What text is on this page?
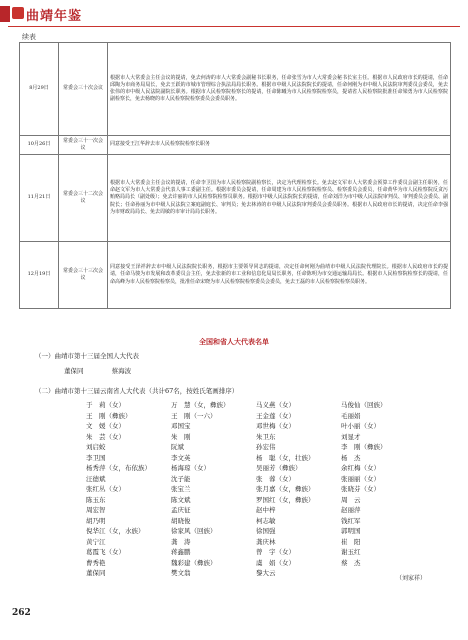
曲靖年鉴
续表
8月29日	常委会三十次会议	根据市人大常委会主任会议的提请，免去何涛的市人大常委会副秘书长职务，任命张雪为市人大常委会秘书长室主任。根据市人民政府市长的提请，任命邱陶为市商务局局长，免去王跃的市城市管理综合执法局局长职务。根据市中级人民法院院长的提请，任命何刚为市中级人民法院审判委员会委员，免去张伟的市中级人民法院副院长职务。根据市人民检察院检察长的提请，任命陈曦为市人民检察院检察员，提请省人民检察院批准任命梁勇为市人民检察院副检察长，免去杨晓的市人民检察院检察委员会委员职务。
10月26日	常委会三十一次会议	同意接受王江华辞去市人民检察院检察长职务
11月21日	常委会三十二次会议	根据市人大常委会主任会议的提请，任命李卫国为市人民检察院副检察长，决定为代理检察长。免去赵文军市人大常委会预算工作委员会副主任职务，任命赵文军为市人大常委会代表人事工委副主任。根据市委员会提请，任命周建为市人民检察院检察员、检察委员会委员，任命黄华为市人民检察院反贪污贿赂局局长（副处级）；免去许丽的市人民检察院检察员职务。根据市中级人民法院院长的提请，任命刘洋为市中级人民法院审判员、审判委员会委员、副院长；任命孙丽为市中级人民法院立案庭副庭长、审判员；免去林涛的市中级人民法院审判委员会委员职务。根据市人民政府市长的提请，决定任命李强为市财政局局长、免去周敏的市审计局局长职务。
12月19日	常委会三十三次会议	同意接受王泽祥辞去市中级人民法院院长职务，根据市主要领导同志的提请，决定任命何刚为曲靖市中级人民法院代理院长。根据市人民政府市长的提请，任命马骏为市发展和改革委员会主任，免去张新的市工业和信息化局局长职务，任命陈明为市交通运输局局长。根据市人民检察院检察长的提请，任命高峰为市人民检察院检察员，批准任命宋晓为市人民检察院检察委员会委员，免去王磊的市人民检察院检察员职务。
全国和省人大代表名单
（一）曲靖市第十三届全国人大代表
董保同	蔡海波
（二）曲靖市第十三届云南省人大代表（共计67名，按姓氏笔画排序）
于　莉（女）	万　慧（女，彝族）	马义燕（女）	马俊仙（回族）
王　刚（彝族）	王　刚（一六）	王金莲（女）	毛丽娟
文　媛（女）	邓国宝	邓世梅（女）	叶小丽（女）
朱　芸（女）	朱　刚	朱卫东	刘显才
刘启蛟	阮斌	孙宏伟	李　刚（彝族）
李卫国	李文英	杨　聪（女，壮族）	杨　杰
杨秀萍（女，布依族）	杨海琼（女）	吴丽芳（彝族）	余红梅（女）
汪德斌	沈子能	张　蓉（女）	张丽丽（女）
张红丛（女）	张宝兰	张月嘉（女，彝族）	张晓芬（女）
陈玉东	陈文斌	罗国红（女，彝族）	周　云
周宏智	孟庆征	赵中梓	赵丽萍
胡乃明	胡晓俊	柯志敏	钱红军
倪华江（女，水族）	徐家风（回族）	徐国强	郭明国
黄宁江	龚　涛	龚庆林	崔　阳
葛霞飞（女）	蒋鑫鹏	曾　宇（女）	谢玉红
曹秀艳	魏彩建（彝族）	虞　娟（女）	蔡　杰
董保同	樊文翁	黎大云
（刘家祥）
262
